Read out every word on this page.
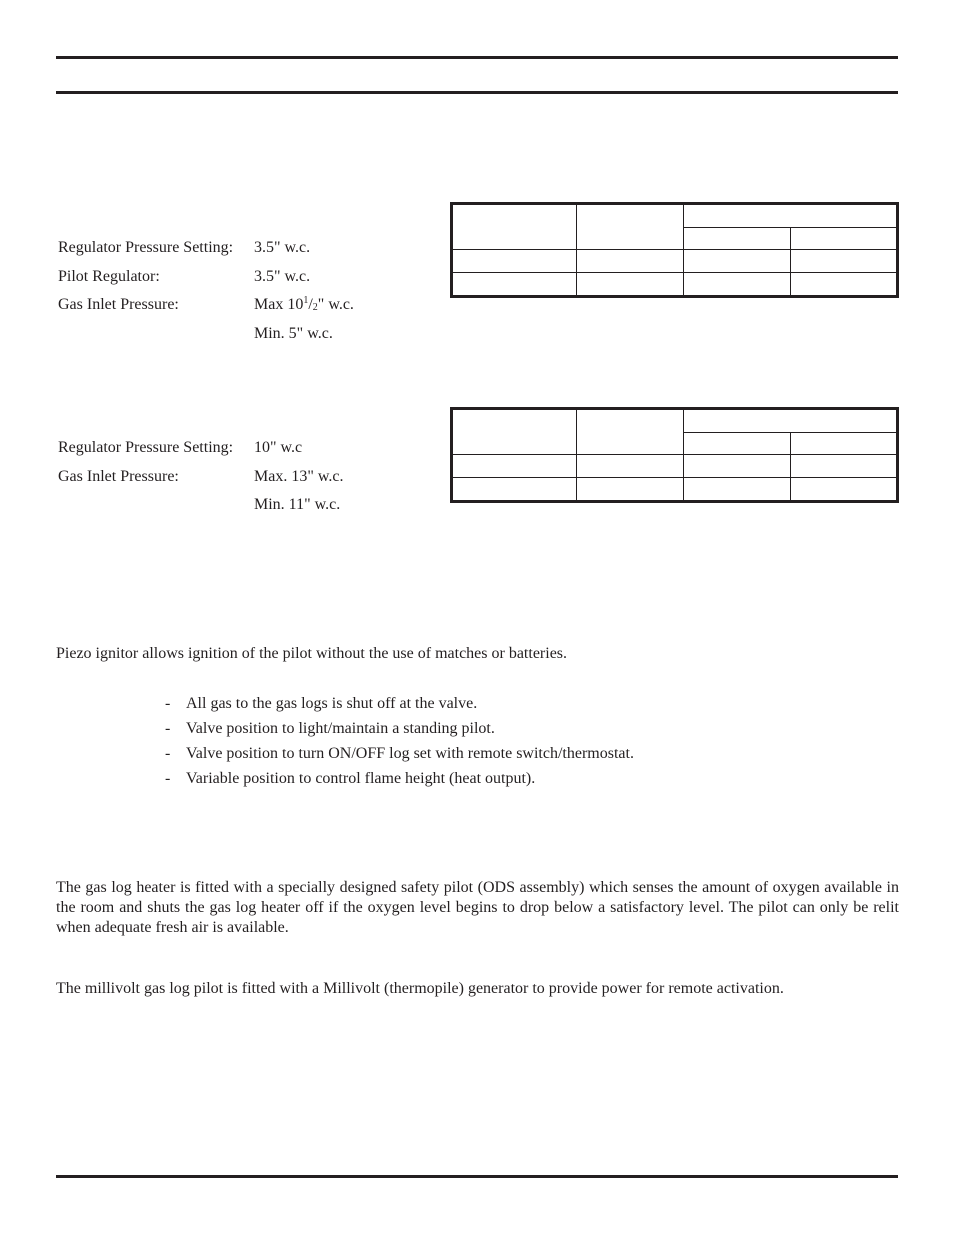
Regulator Pressure Setting:	3.5" w.c.
Pilot Regulator:	3.5" w.c.
Gas Inlet Pressure:	Max $10^1/_2$" w.c.
Min. 5" w.c.

Regulator Pressure Setting:	10" w.c
Gas Inlet Pressure:	Max. 13" w.c.
Min. 11" w.c.

Piezo ignitor allows ignition of the pilot without the use of matches or batteries.
- All gas to the gas logs is shut off at the valve.
- Valve position to light/maintain a standing pilot.
- Valve position to turn ON/OFF log set with remote switch/thermostat.
- Variable position to control flame height (heat output).
The gas log heater is fitted with a specially designed safety pilot (ODS assembly) which senses the amount of oxygen available in the room and shuts the gas log heater off if the oxygen level begins to drop below a satisfactory level. The pilot can only be relit when adequate fresh air is available.
The millivolt gas log pilot is fitted with a Millivolt (thermopile) generator to provide power for remote activation.
